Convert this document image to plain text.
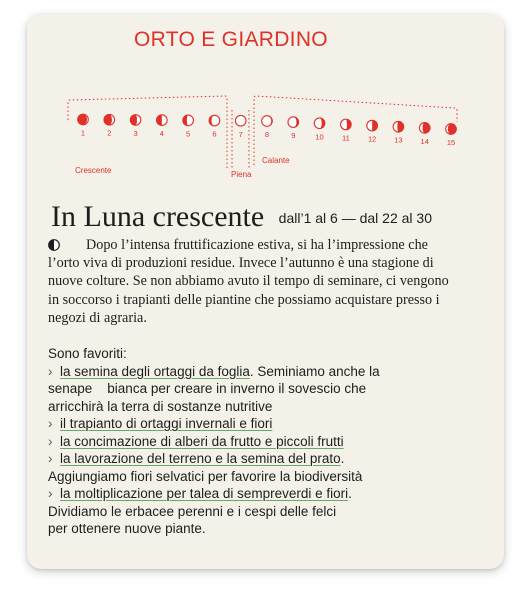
ORTO E GIARDINO
1	2	3	4	5	6	7	8	9	10 11 12 13 14 15
Crescente	Piena
Calante
In Luna crescente dall’1 al 6 — dal 22 al 30

Dopo l’intensa fruttificazione estiva, si ha l’impressione che l’orto viva di produzioni residue. Invece l’autunno è una stagione di nuove colture. Se non abbiamo avuto il tempo di seminare, ci vengono in soccorso i trapianti delle piantine che possiamo acquistare presso i negozi di agraria.

Sono favoriti:

› la semina degli ortaggi da foglia. Seminiamo anche la

senape    bianca per creare in inverno il sovescio che

arricchirà la terra di sostanze nutritive

› il trapianto di ortaggi invernali e fiori

› la concimazione di alberi da frutto e piccoli frutti

› la lavorazione del terreno e la semina del prato.

Aggiungiamo fiori selvatici per favorire la biodiversità

› la moltiplicazione per talea di sempreverdi e fiori.

Dividiamo le erbacee perenni e i cespi delle felci

per ottenere nuove piante.
